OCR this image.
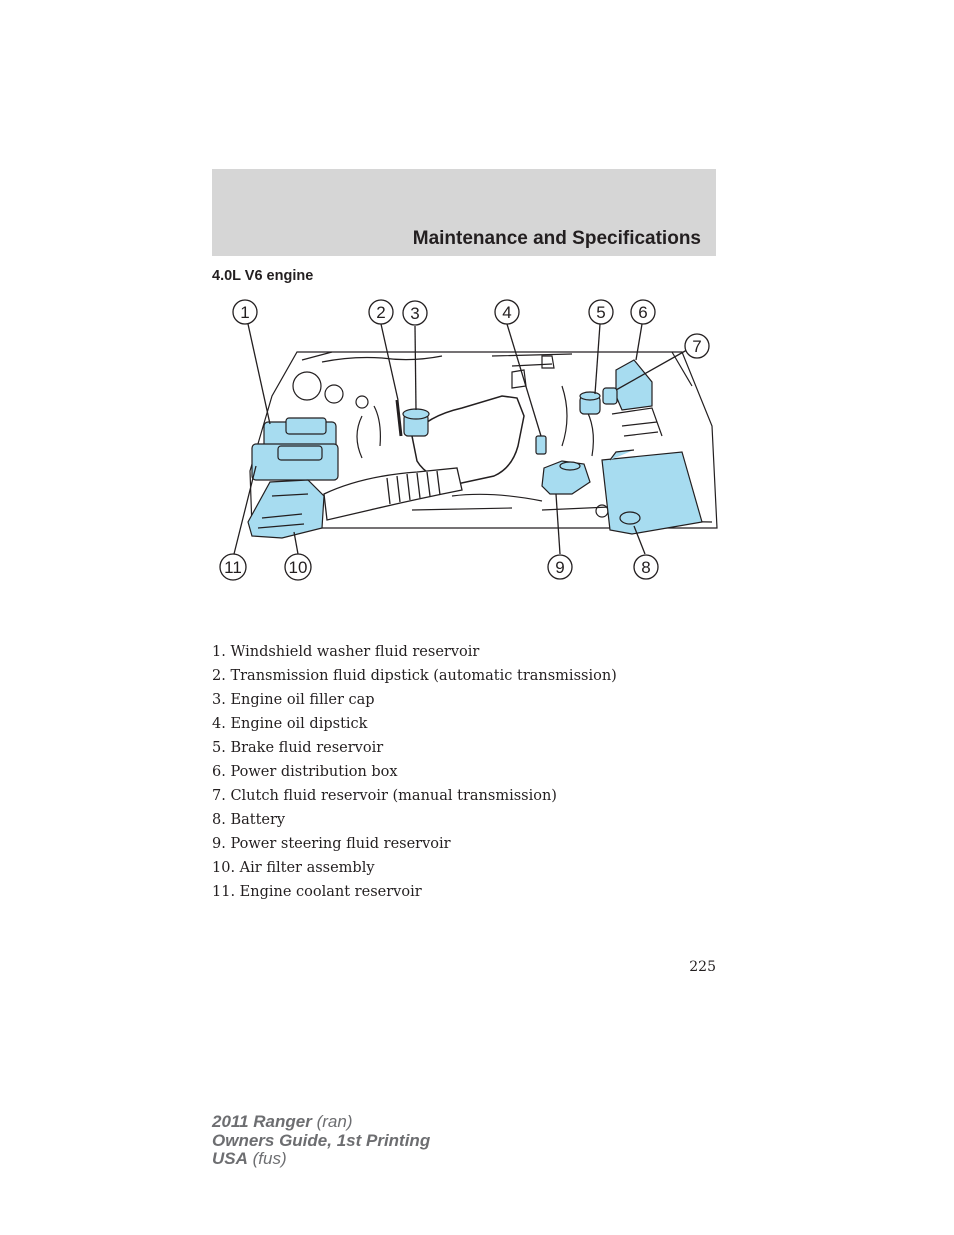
Maintenance and Specifications
4.0L V6 engine
1	2 3	4	5 6
7
8
9
10
11
1. Windshield washer fluid reservoir
2. Transmission fluid dipstick (automatic transmission)
3. Engine oil filler cap
4. Engine oil dipstick
5. Brake fluid reservoir
6. Power distribution box
7. Clutch fluid reservoir (manual transmission)
8. Battery
9. Power steering fluid reservoir
10. Air filter assembly
11. Engine coolant reservoir
225
2011 Ranger (ran)
Owners Guide, 1st Printing
USA (fus)
